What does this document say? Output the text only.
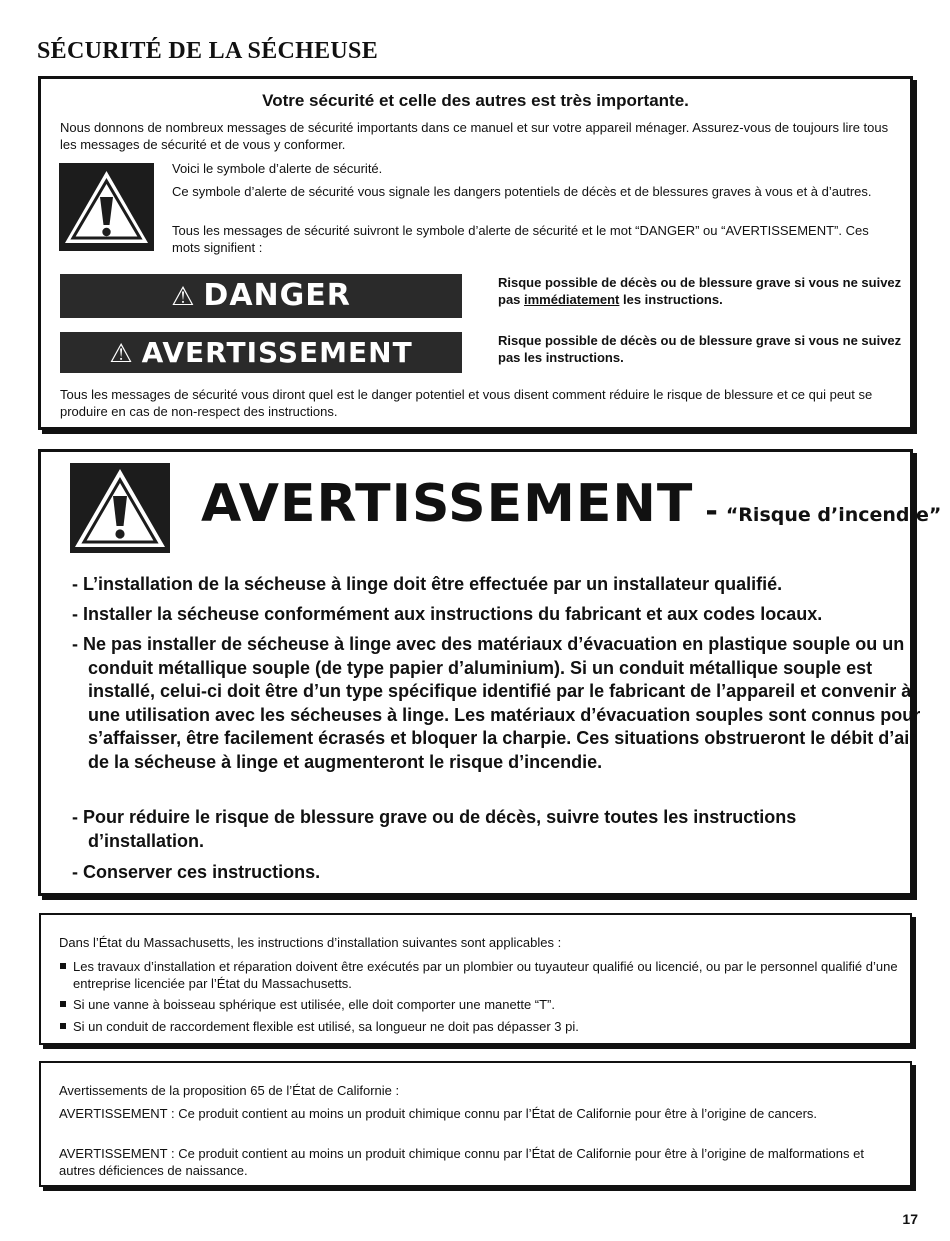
SÉCURITÉ DE LA SÉCHEUSE
Votre sécurité et celle des autres est très importante.
Nous donnons de nombreux messages de sécurité importants dans ce manuel et sur votre appareil ménager. Assurez-vous de toujours lire tous les messages de sécurité et de vous y conformer.
Voici le symbole d’alerte de sécurité.
Ce symbole d’alerte de sécurité vous signale les dangers potentiels de décès et de blessures graves à vous et à d’autres.
Tous les messages de sécurité suivront le symbole d’alerte de sécurité et le mot “DANGER” ou “AVERTISSEMENT”. Ces mots signifient :
⚠ DANGER	Risque possible de décès ou de blessure grave si vous ne suivez pas immédiatement les instructions.
⚠ AVERTISSEMENT	Risque possible de décès ou de blessure grave si vous ne suivez pas les instructions.
Tous les messages de sécurité vous diront quel est le danger potentiel et vous disent comment réduire le risque de blessure et ce qui peut se produire en cas de non-respect des instructions.
AVERTISSEMENT - “Risque d’incendie”
- L’installation de la sécheuse à linge doit être effectuée par un installateur qualifié.
- Installer la sécheuse conformément aux instructions du fabricant et aux codes locaux.
- Ne pas installer de sécheuse à linge avec des matériaux d’évacuation en plastique souple ou un conduit métallique souple (de type papier d’aluminium). Si un conduit métallique souple est installé, celui-ci doit être d’un type spécifique identifié par le fabricant de l’appareil et convenir à une utilisation avec les sécheuses à linge. Les matériaux d’évacuation souples sont connus pour s’affaisser, être facilement écrasés et bloquer la charpie. Ces situations obstrueront le débit d’air de la sécheuse à linge et augmenteront le risque d’incendie.
- Pour réduire le risque de blessure grave ou de décès, suivre toutes les instructions d’installation.
- Conserver ces instructions.
Dans l’État du Massachusetts, les instructions d’installation suivantes sont applicables :
Les travaux d’installation et réparation doivent être exécutés par un plombier ou tuyauteur qualifié ou licencié, ou par le personnel qualifié d’une entreprise licenciée par l’État du Massachusetts.
Si une vanne à boisseau sphérique est utilisée, elle doit comporter une manette “T”.
Si un conduit de raccordement flexible est utilisé, sa longueur ne doit pas dépasser 3 pi.
Avertissements de la proposition 65 de l’État de Californie :
AVERTISSEMENT : Ce produit contient au moins un produit chimique connu par l’État de Californie pour être à l’origine de cancers.
AVERTISSEMENT : Ce produit contient au moins un produit chimique connu par l’État de Californie pour être à l’origine de malformations et autres déficiences de naissance.
17
